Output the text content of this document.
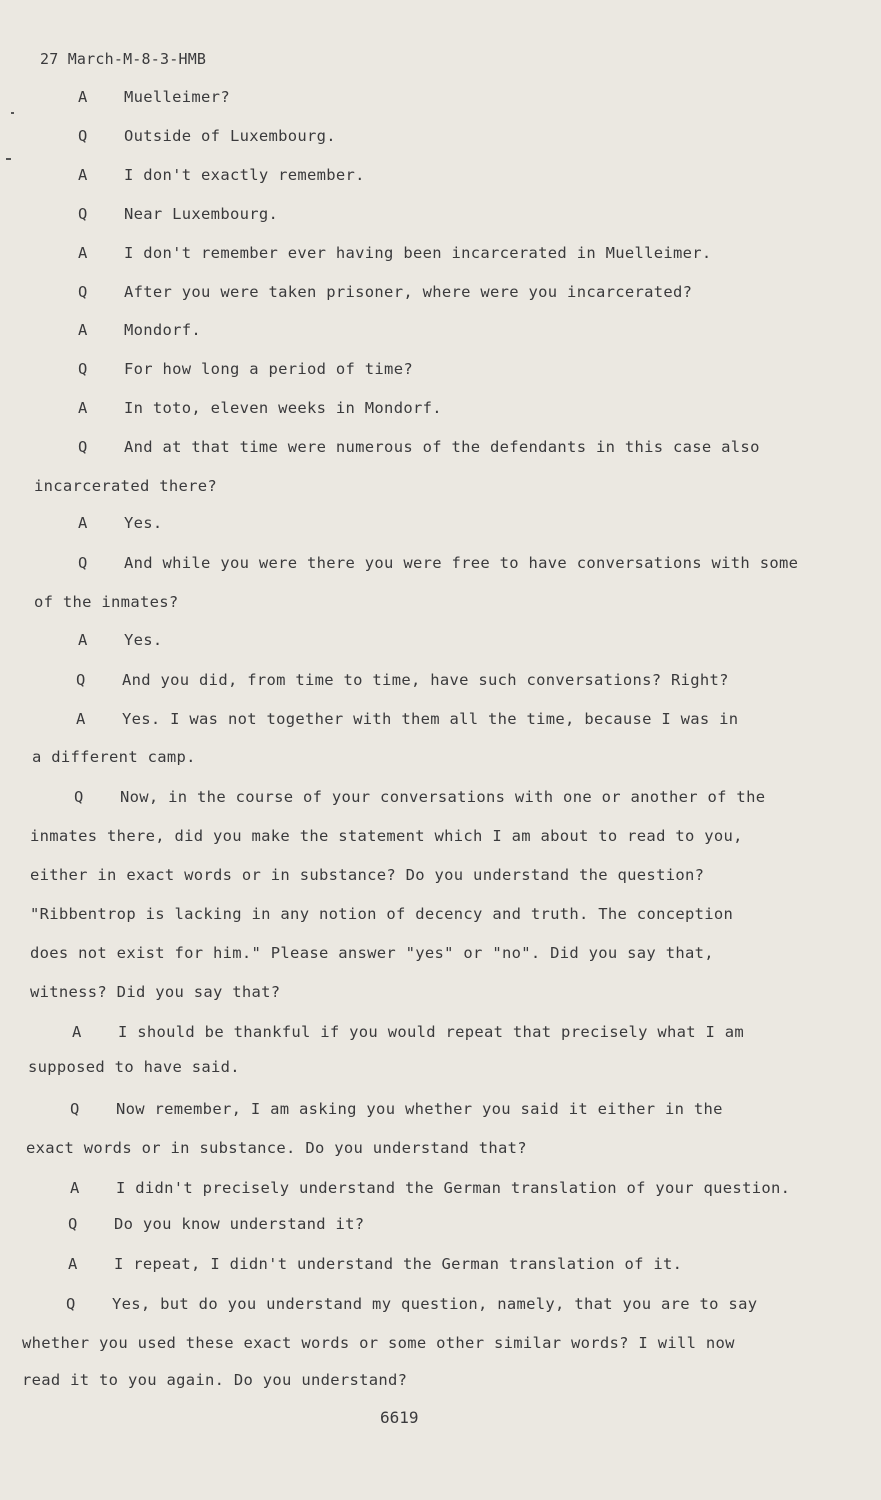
27 March-M-8-3-HMB
A Muelleimer?
Q Outside of Luxembourg.
A I don't exactly remember.
Q Near Luxembourg.
A I don't remember ever having been incarcerated in Muelleimer.
Q After you were taken prisoner, where were you incarcerated?
A Mondorf.
Q For how long a period of time?
A In toto, eleven weeks in Mondorf.
Q And at that time were numerous of the defendants in this case also
incarcerated there?
A Yes.
Q And while you were there you were free to have conversations with some
of the inmates?
A Yes.
Q And you did, from time to time, have such conversations? Right?
A Yes. I was not together with them all the time, because I was in
a different camp.
Q Now, in the course of your conversations with one or another of the
inmates there, did you make the statement which I am about to read to you,
either in exact words or in substance? Do you understand the question?
"Ribbentrop is lacking in any notion of decency and truth. The conception
does not exist for him." Please answer "yes" or "no". Did you say that,
witness? Did you say that?
A I should be thankful if you would repeat that precisely what I am
supposed to have said.
Q Now remember, I am asking you whether you said it either in the
exact words or in substance. Do you understand that?
A I didn't precisely understand the German translation of your question.
Q Do you know understand it?
A I repeat, I didn't understand the German translation of it.
Q Yes, but do you understand my question, namely, that you are to say
whether you used these exact words or some other similar words? I will now
read it to you again. Do you understand?
6619
